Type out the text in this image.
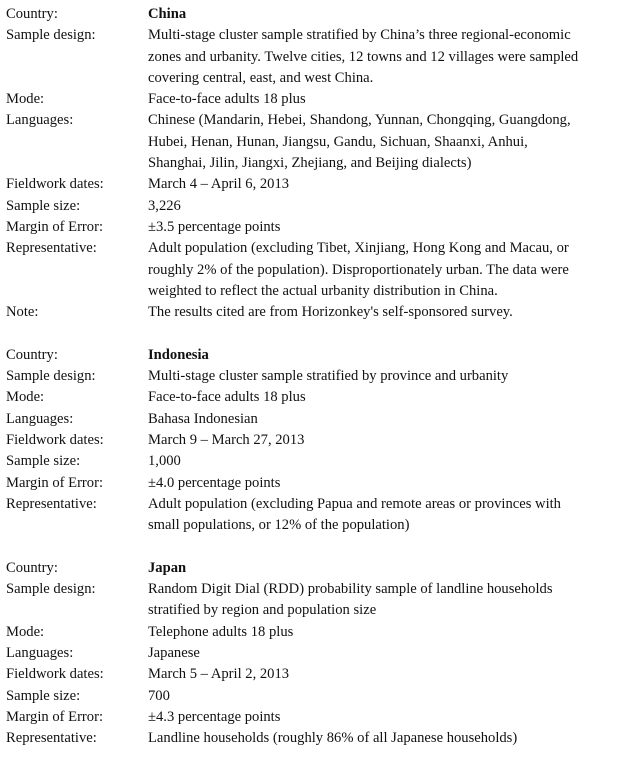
Country:	China
Sample design:	Multi-stage cluster sample stratified by China’s three regional-economic
zones and urbanity. Twelve cities, 12 towns and 12 villages were sampled
covering central, east, and west China.
Mode:	Face-to-face adults 18 plus
Languages:	Chinese (Mandarin, Hebei, Shandong, Yunnan, Chongqing, Guangdong,
Hubei, Henan, Hunan, Jiangsu, Gandu, Sichuan, Shaanxi, Anhui,
Shanghai, Jilin, Jiangxi, Zhejiang, and Beijing dialects)
Fieldwork dates:	March 4 – April 6, 2013
Sample size:	3,226
Margin of Error:	±3.5 percentage points
Representative:	Adult population (excluding Tibet, Xinjiang, Hong Kong and Macau, or
roughly 2% of the population). Disproportionately urban. The data were
weighted to reflect the actual urbanity distribution in China.
Note:	The results cited are from Horizonkey's self-sponsored survey.
Country:	Indonesia
Sample design:	Multi-stage cluster sample stratified by province and urbanity
Mode:	Face-to-face adults 18 plus
Languages:	Bahasa Indonesian
Fieldwork dates:	March 9 – March 27, 2013
Sample size:	1,000
Margin of Error:	±4.0 percentage points
Representative:	Adult population (excluding Papua and remote areas or provinces with
small populations, or 12% of the population)
Country:	Japan
Sample design:	Random Digit Dial (RDD) probability sample of landline households
stratified by region and population size
Mode:	Telephone adults 18 plus
Languages:	Japanese
Fieldwork dates:	March 5 – April 2, 2013
Sample size:	700
Margin of Error:	±4.3 percentage points
Representative:	Landline households (roughly 86% of all Japanese households)
